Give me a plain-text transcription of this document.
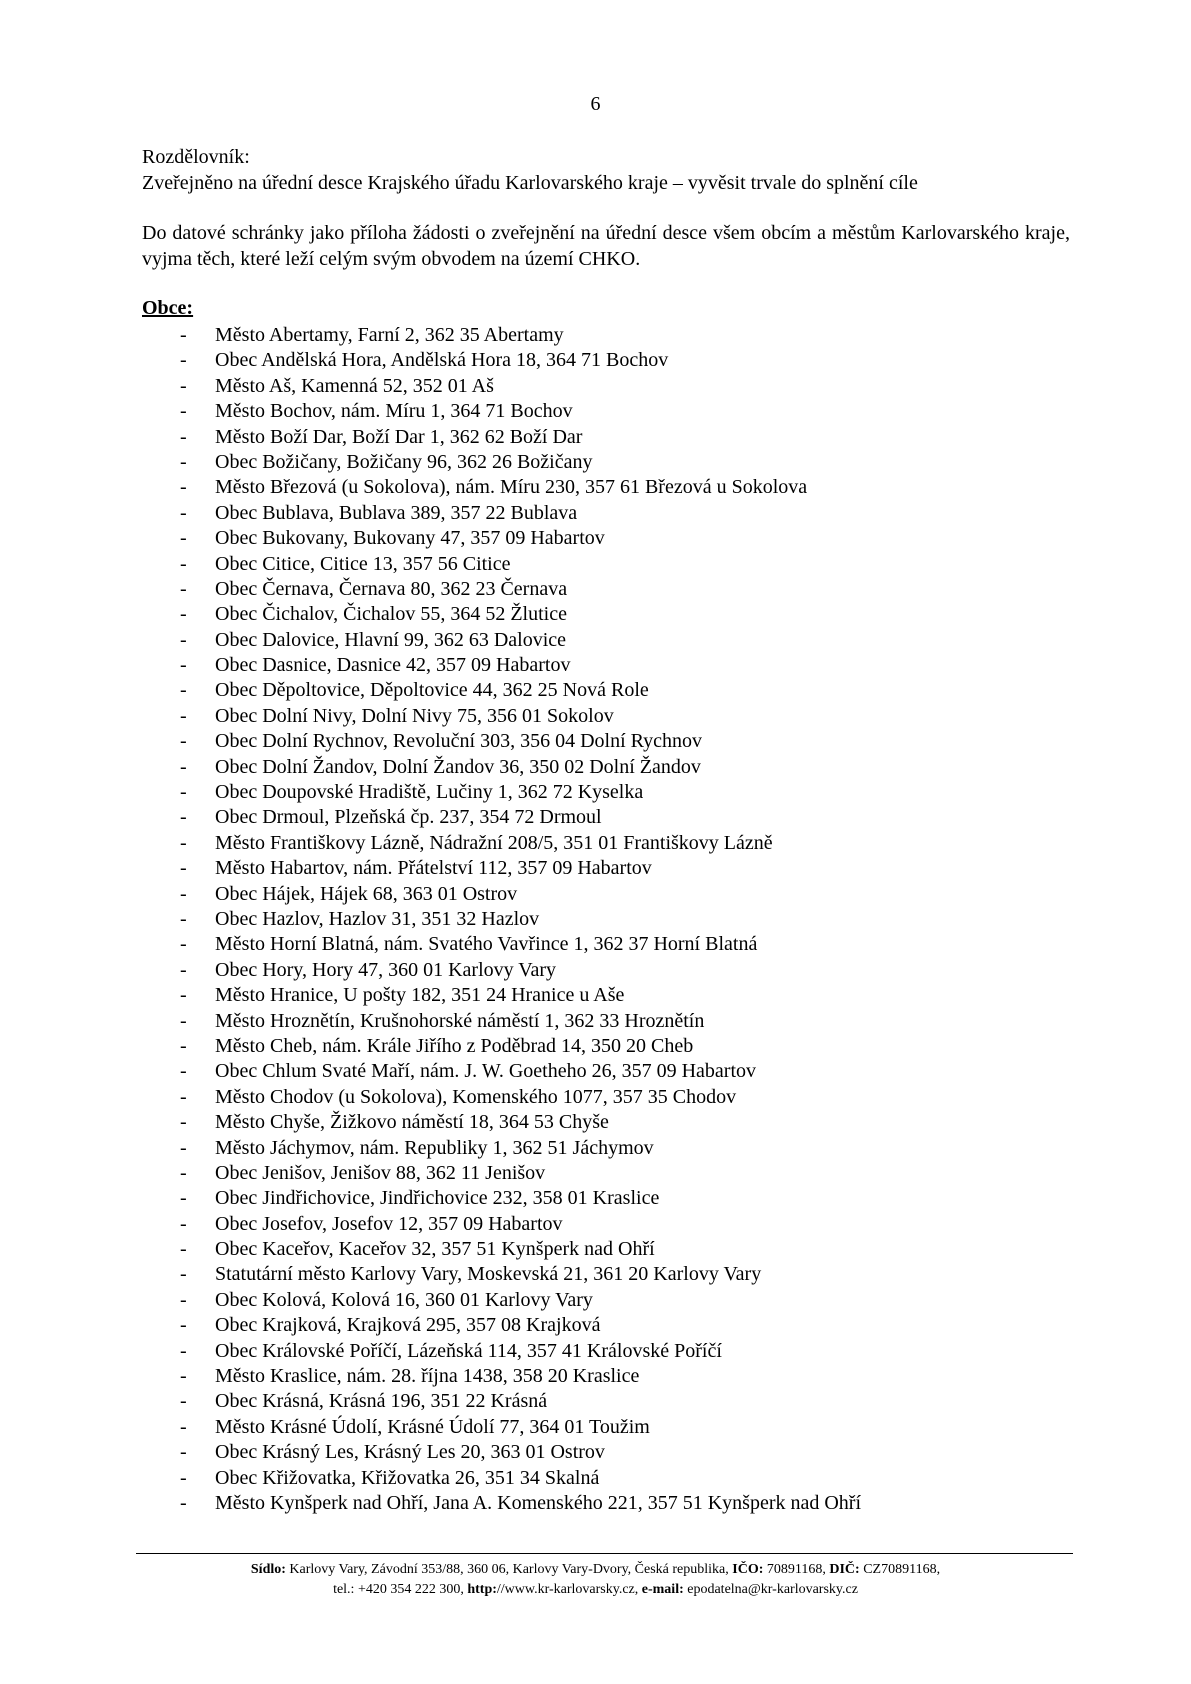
6
Rozdělovník:
Zveřejněno na úřední desce Krajského úřadu Karlovarského kraje – vyvěsit trvale do splnění cíle
Do datové schránky jako příloha žádosti o zveřejnění na úřední desce všem obcím a městům Karlovarského kraje, vyjma těch, které leží celým svým obvodem na území CHKO.
Obce:
- Město Abertamy, Farní 2, 362 35 Abertamy
- Obec Andělská Hora, Andělská Hora 18, 364 71 Bochov
- Město Aš, Kamenná 52, 352 01 Aš
- Město Bochov, nám. Míru 1, 364 71 Bochov
- Město Boží Dar, Boží Dar 1, 362 62 Boží Dar
- Obec Božičany, Božičany 96, 362 26 Božičany
- Město Březová (u Sokolova), nám. Míru 230, 357 61 Březová u Sokolova
- Obec Bublava, Bublava 389, 357 22 Bublava
- Obec Bukovany, Bukovany 47, 357 09 Habartov
- Obec Citice, Citice 13, 357 56 Citice
- Obec Černava, Černava 80, 362 23 Černava
- Obec Čichalov, Čichalov 55, 364 52 Žlutice
- Obec Dalovice, Hlavní 99, 362 63 Dalovice
- Obec Dasnice, Dasnice 42, 357 09 Habartov
- Obec Děpoltovice, Děpoltovice 44, 362 25 Nová Role
- Obec Dolní Nivy, Dolní Nivy 75, 356 01 Sokolov
- Obec Dolní Rychnov, Revoluční 303, 356 04 Dolní Rychnov
- Obec Dolní Žandov, Dolní Žandov 36, 350 02 Dolní Žandov
- Obec Doupovské Hradiště, Lučiny 1, 362 72 Kyselka
- Obec Drmoul, Plzeňská čp. 237, 354 72 Drmoul
- Město Františkovy Lázně, Nádražní 208/5, 351 01 Františkovy Lázně
- Město Habartov, nám. Přátelství 112, 357 09 Habartov
- Obec Hájek, Hájek 68, 363 01 Ostrov
- Obec Hazlov, Hazlov 31, 351 32 Hazlov
- Město Horní Blatná, nám. Svatého Vavřince 1, 362 37 Horní Blatná
- Obec Hory, Hory 47, 360 01 Karlovy Vary
- Město Hranice, U pošty 182, 351 24 Hranice u Aše
- Město Hroznětín, Krušnohorské náměstí 1, 362 33 Hroznětín
- Město Cheb, nám. Krále Jiřího z Poděbrad 14, 350 20 Cheb
- Obec Chlum Svaté Maří, nám. J. W. Goetheho 26, 357 09 Habartov
- Město Chodov (u Sokolova), Komenského 1077, 357 35 Chodov
- Město Chyše, Žižkovo náměstí 18, 364 53 Chyše
- Město Jáchymov, nám. Republiky 1, 362 51 Jáchymov
- Obec Jenišov, Jenišov 88, 362 11 Jenišov
- Obec Jindřichovice, Jindřichovice 232, 358 01 Kraslice
- Obec Josefov, Josefov 12, 357 09 Habartov
- Obec Kaceřov, Kaceřov 32, 357 51 Kynšperk nad Ohří
- Statutární město Karlovy Vary, Moskevská 21, 361 20 Karlovy Vary
- Obec Kolová, Kolová 16, 360 01 Karlovy Vary
- Obec Krajková, Krajková 295, 357 08 Krajková
- Obec Královské Poříčí, Lázeňská 114, 357 41 Královské Poříčí
- Město Kraslice, nám. 28. října 1438, 358 20 Kraslice
- Obec Krásná, Krásná 196, 351 22 Krásná
- Město Krásné Údolí, Krásné Údolí 77, 364 01 Toužim
- Obec Krásný Les, Krásný Les 20, 363 01 Ostrov
- Obec Křižovatka, Křižovatka 26, 351 34 Skalná
- Město Kynšperk nad Ohří, Jana A. Komenského 221, 357 51 Kynšperk nad Ohří
Sídlo: Karlovy Vary, Závodní 353/88, 360 06, Karlovy Vary-Dvory, Česká republika, IČO: 70891168, DIČ: CZ70891168,
tel.: +420 354 222 300, http://www.kr-karlovarsky.cz, e-mail: epodatelna@kr-karlovarsky.cz
